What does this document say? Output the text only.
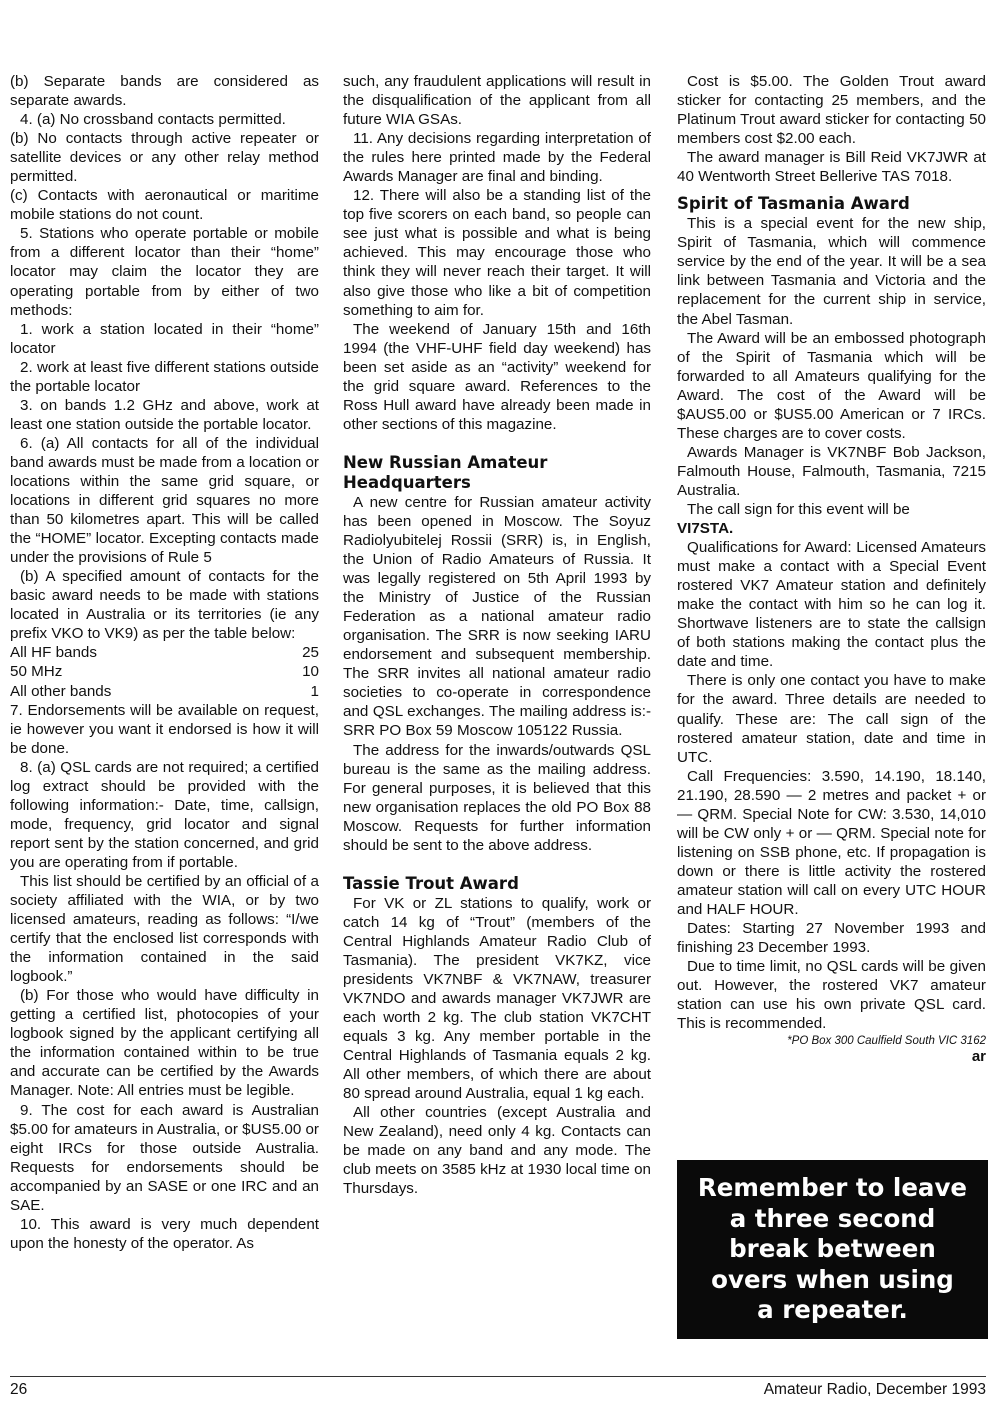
(b) Separate bands are considered as separate awards.

4. (a) No crossband contacts permitted.

(b) No contacts through active repeater or satellite devices or any other relay method permitted.

(c) Contacts with aeronautical or maritime mobile stations do not count.

5. Stations who operate portable or mobile from a different locator than their “home” locator may claim the locator they are operating portable from by either of two methods:

1. work a station located in their “home” locator

2. work at least five different stations outside the portable locator

3. on bands 1.2 GHz and above, work at least one station outside the portable locator.

6. (a) All contacts for all of the individual band awards must be made from a location or locations within the same grid square, or locations in different grid squares no more than 50 kilometres apart. This will be called the “HOME” locator. Excepting contacts made under the provisions of Rule 5

(b) A specified amount of contacts for the basic award needs to be made with stations located in Australia or its territories (ie any prefix VKO to VK9) as per the table below:

All HF bands	25
50 MHz	10
All other bands	1

7. Endorsements will be available on request, ie however you want it endorsed is how it will be done.

8. (a) QSL cards are not required; a certified log extract should be provided with the following information:- Date, time, callsign, mode, frequency, grid locator and signal report sent by the station concerned, and grid you are operating from if portable.

This list should be certified by an official of a society affiliated with the WIA, or by two licensed amateurs, reading as follows: “I/we certify that the enclosed list corresponds with the information contained in the said logbook.”

(b) For those who would have difficulty in getting a certified list, photocopies of your logbook signed by the applicant certifying all the information contained within to be true and accurate can be certified by the Awards Manager. Note: All entries must be legible.

9. The cost for each award is Australian $5.00 for amateurs in Australia, or $US5.00 or eight IRCs for those outside Australia. Requests for endorsements should be accompanied by an SASE or one IRC and an SAE.

10. This award is very much dependent upon the honesty of the operator. As

such, any fraudulent applications will result in the disqualification of the applicant from all future WIA GSAs.

11. Any decisions regarding interpretation of the rules here printed made by the Federal Awards Manager are final and binding.

12. There will also be a standing list of the top five scorers on each band, so people can see just what is possible and what is being achieved. This may encourage those who think they will never reach their target. It will also give those who like a bit of competition something to aim for.

The weekend of January 15th and 16th 1994 (the VHF-UHF field day weekend) has been set aside as an “activity” weekend for the grid square award. References to the Ross Hull award have already been made in other sections of this magazine.

New Russian Amateur Headquarters

A new centre for Russian amateur activity has been opened in Moscow. The Soyuz Radiolyubitelej Rossii (SRR) is, in English, the Union of Radio Amateurs of Russia. It was legally registered on 5th April 1993 by the Ministry of Justice of the Russian Federation as a national amateur radio organisation. The SRR is now seeking IARU endorsement and subsequent membership. The SRR invites all national amateur radio societies to co-operate in correspondence and QSL exchanges. The mailing address is:- SRR PO Box 59 Moscow 105122 Russia.

The address for the inwards/outwards QSL bureau is the same as the mailing address. For general purposes, it is believed that this new organisation replaces the old PO Box 88 Moscow. Requests for further information should be sent to the above address.

Tassie Trout Award

For VK or ZL stations to qualify, work or catch 14 kg of “Trout” (members of the Central Highlands Amateur Radio Club of Tasmania). The president VK7KZ, vice presidents VK7NBF & VK7NAW, treasurer VK7NDO and awards manager VK7JWR are each worth 2 kg. The club station VK7CHT equals 3 kg. Any member portable in the Central Highlands of Tasmania equals 2 kg. All other members, of which there are about 80 spread around Australia, equal 1 kg each.

All other countries (except Australia and New Zealand), need only 4 kg. Contacts can be made on any band and any mode. The club meets on 3585 kHz at 1930 local time on Thursdays.

Cost is $5.00. The Golden Trout award sticker for contacting 25 members, and the Platinum Trout award sticker for contacting 50 members cost $2.00 each.

The award manager is Bill Reid VK7JWR at 40 Wentworth Street Bellerive TAS 7018.

Spirit of Tasmania Award

This is a special event for the new ship, Spirit of Tasmania, which will commence service by the end of the year. It will be a sea link between Tasmania and Victoria and the replacement for the current ship in service, the Abel Tasman.

The Award will be an embossed photograph of the Spirit of Tasmania which will be forwarded to all Amateurs qualifying for the Award. The cost of the Award will be $AUS5.00 or $US5.00 American or 7 IRCs. These charges are to cover costs.

Awards Manager is VK7NBF Bob Jackson, Falmouth House, Falmouth, Tasmania, 7215 Australia.

The call sign for this event will be
VI7STA.

Qualifications for Award: Licensed Amateurs must make a contact with a Special Event rostered VK7 Amateur station and definitely make the contact with him so he can log it. Shortwave listeners are to state the callsign of both stations making the contact plus the date and time.

There is only one contact you have to make for the award. Three details are needed to qualify. These are: The call sign of the rostered amateur station, date and time in UTC.

Call Frequencies: 3.590, 14.190, 18.140, 21.190, 28.590 — 2 metres and packet + or — QRM. Special Note for CW: 3.530, 14,010 will be CW only + or — QRM. Special note for listening on SSB phone, etc. If propagation is down or there is little activity the rostered amateur station will call on every UTC HOUR and HALF HOUR.

Dates: Starting 27 November 1993 and finishing 23 December 1993.

Due to time limit, no QSL cards will be given out. However, the rostered VK7 amateur station can use his own private QSL card. This is recommended.

*PO Box 300 Caulfield South VIC 3162

ar

Remember to leave
a three second
break between
overs when using
a repeater.
26	Amateur Radio, December 1993
